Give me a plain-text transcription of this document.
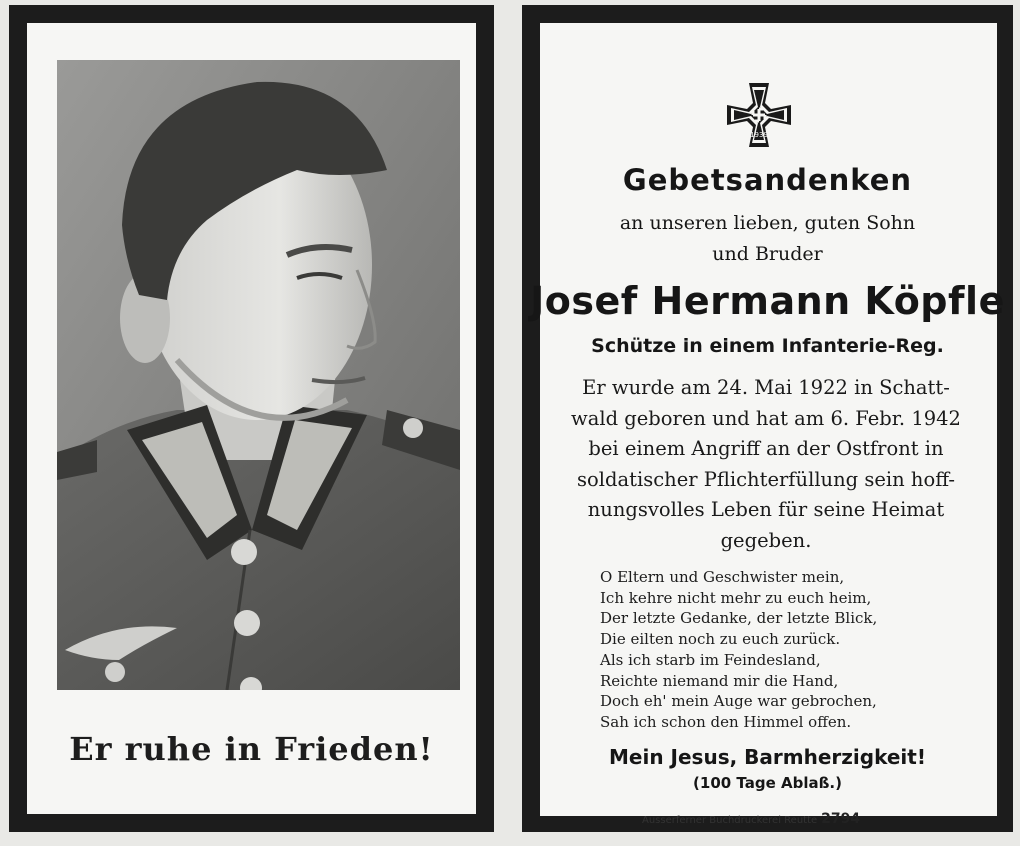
Er ruhe in Frieden!
1939
Gebetsandenken
an unseren lieben, guten Sohn
und Bruder
Josef Hermann Köpfle
Schütze in einem Infanterie-Reg.
Er wurde am 24. Mai 1922 in Schatt-
wald geboren und hat am 6. Febr. 1942
bei einem Angriff an der Ostfront in
soldatischer Pflichterfüllung sein hoff-
nungsvolles Leben für seine Heimat
gegeben.
O Eltern und Geschwister mein,
Ich kehre nicht mehr zu euch heim,
Der letzte Gedanke, der letzte Blick,
Die eilten noch zu euch zurück.
Als ich starb im Feindesland,
Reichte niemand mir die Hand,
Doch eh' mein Auge war gebrochen,
Sah ich schon den Himmel offen.
Mein Jesus, Barmherzigkeit!
(100 Tage Ablaß.)
Ausserferner Buchdruckerei Reutte 2794
